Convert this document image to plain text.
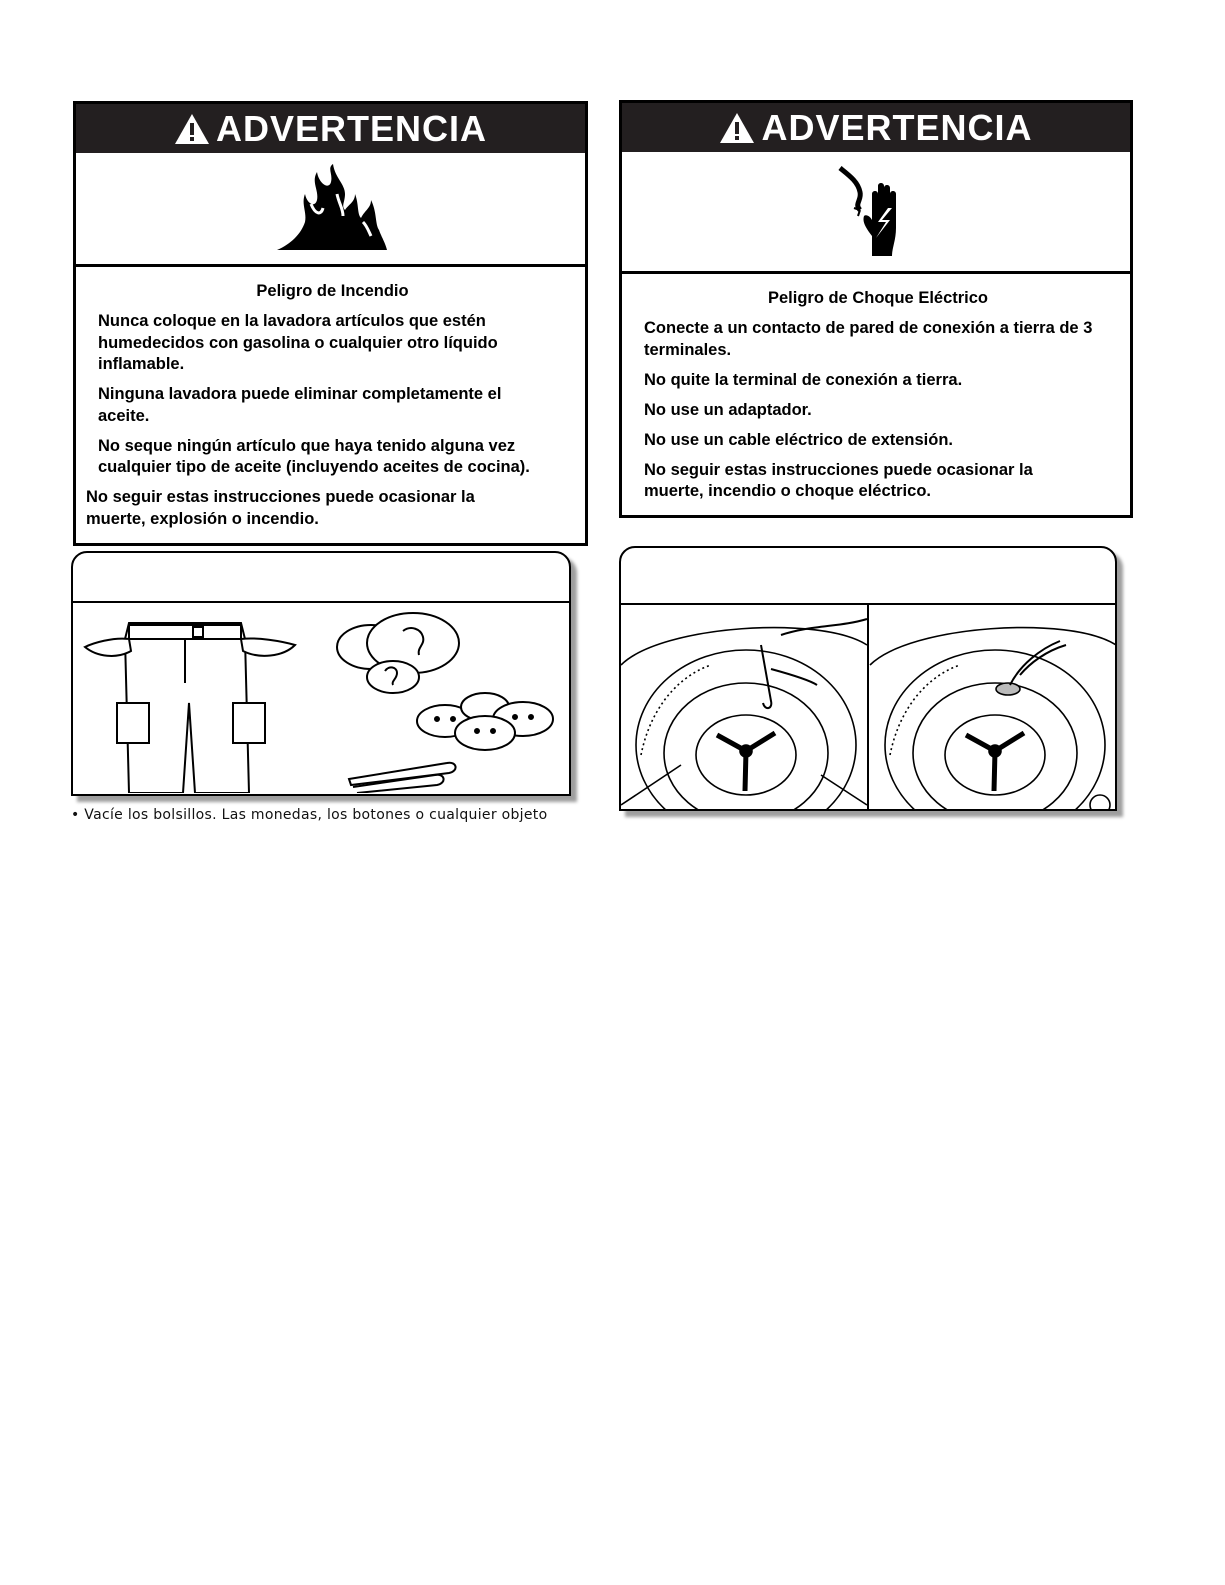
ADVERTENCIA
Peligro de Incendio

Nunca coloque en la lavadora artículos que estén humedecidos con gasolina o cualquier otro líquido inflamable.

Ninguna lavadora puede eliminar completamente el aceite.

No seque ningún artículo que haya tenido alguna vez cualquier tipo de aceite (incluyendo aceites de cocina).

No seguir estas instrucciones puede ocasionar la muerte, explosión o incendio.

ADVERTENCIA
Peligro de Choque Eléctrico

Conecte a un contacto de pared de conexión a tierra de 3 terminales.

No quite la terminal de conexión a tierra.

No use un adaptador.

No use un cable eléctrico de extensión.

No seguir estas instrucciones puede ocasionar la muerte, incendio o choque eléctrico.

• Vacíe los bolsillos. Las monedas, los botones o cualquier objeto
